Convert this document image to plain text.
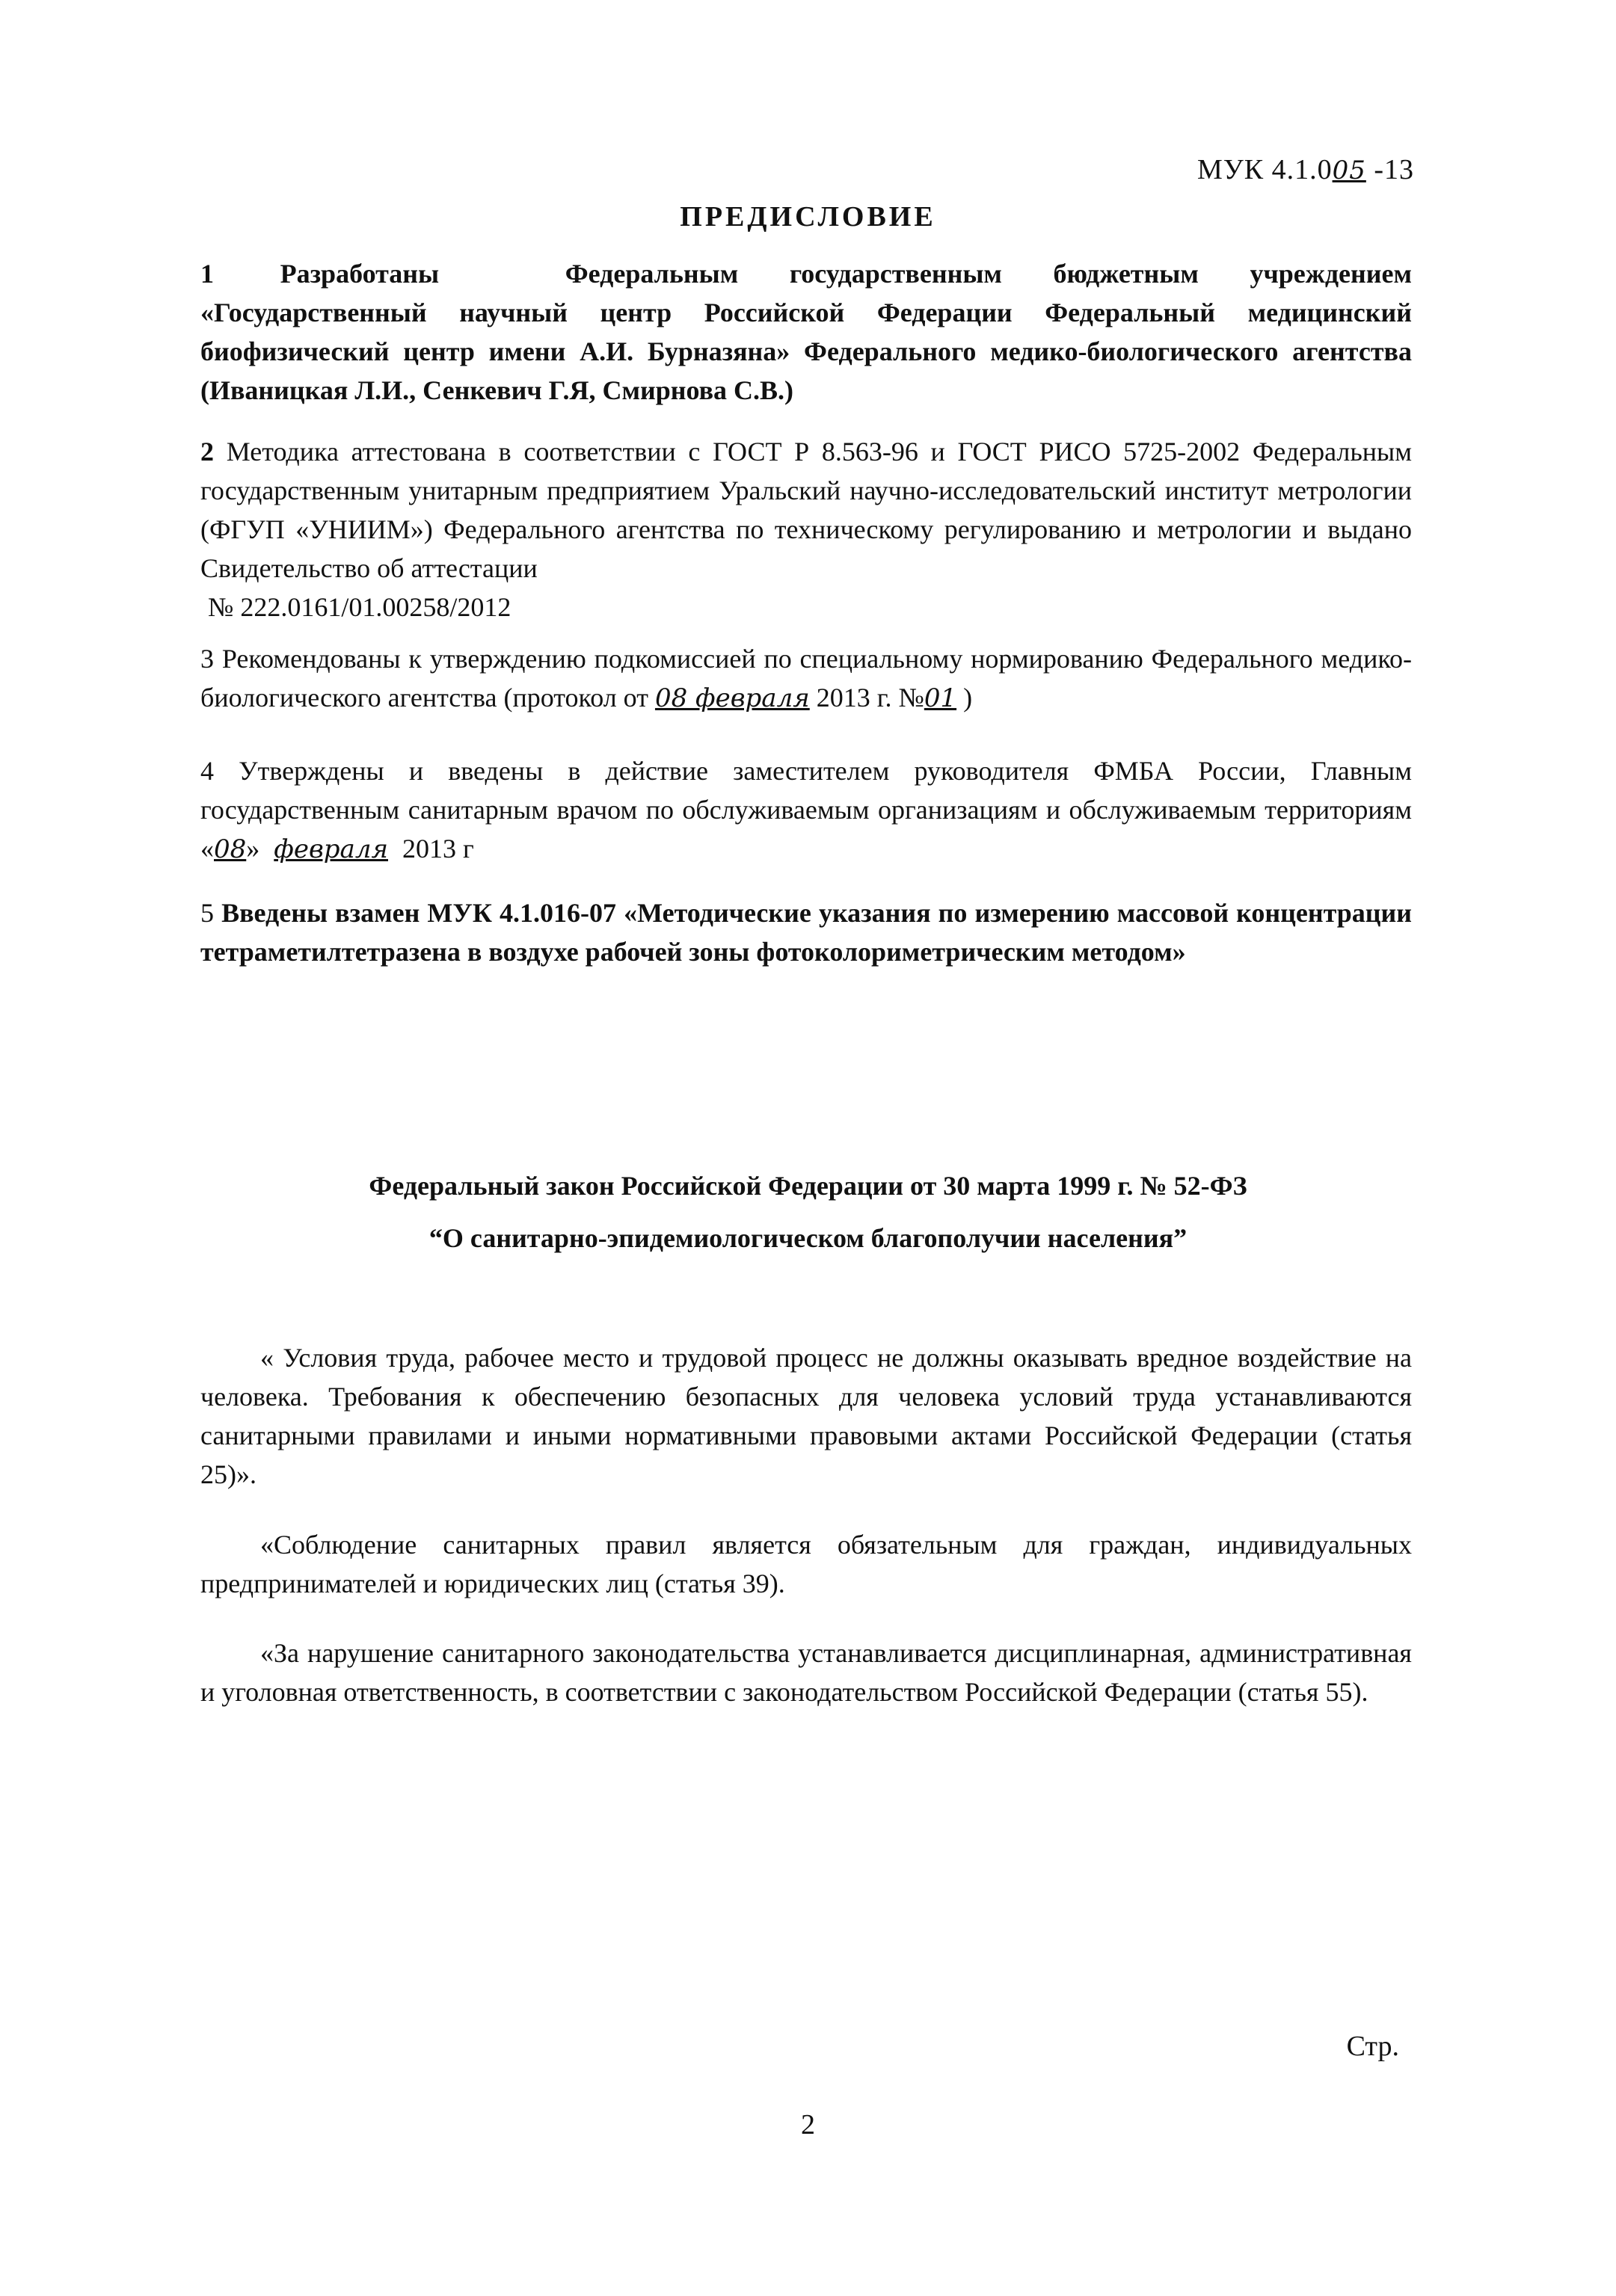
МУК 4.1.005 -13
ПРЕДИСЛОВИЕ
1 Разработаны	Федеральным государственным бюджетным учреждением «Государственный научный центр Российской Федерации Федеральный медицинский биофизический центр имени А.И. Бурназяна» Федерального медико-биологического агентства (Иваницкая Л.И., Сенкевич Г.Я, Смирнова С.В.)
2 Методика аттестована в соответствии с ГОСТ Р 8.563-96 и ГОСТ РИСО 5725-2002 Федеральным государственным унитарным предприятием Уральский научно-исследовательский институт метрологии (ФГУП «УНИИМ») Федерального агентства по техническому регулированию и метрологии и выдано Свидетельство об аттестации
№ 222.0161/01.00258/2012
3 Рекомендованы к утверждению подкомиссией по специальному нормированию Федерального медико-биологического агентства (протокол от 08 февраля 2013 г. №01 )
4 Утверждены и введены в действие заместителем руководителя ФМБА России, Главным государственным санитарным врачом по обслуживаемым организациям и обслуживаемым территориям «08» февраля 2013 г
5 Введены взамен МУК 4.1.016-07 «Методические указания по измерению массовой концентрации тетраметилтетразена в воздухе рабочей зоны фотоколориметрическим методом»
Федеральный закон Российской Федерации от 30 марта 1999 г. № 52-ФЗ
“О санитарно-эпидемиологическом благополучии населения”
« Условия труда, рабочее место и трудовой процесс не должны оказывать вредное воздействие на человека. Требования к обеспечению безопасных для человека условий труда устанавливаются санитарными правилами и иными нормативными правовыми актами Российской Федерации (статья 25)».
«Соблюдение санитарных правил является обязательным для граждан, индивидуальных предпринимателей и юридических лиц (статья 39).
«За нарушение санитарного законодательства устанавливается дисциплинарная, административная и уголовная ответственность, в соответствии с законодательством Российской Федерации (статья 55).
Стр.
2
